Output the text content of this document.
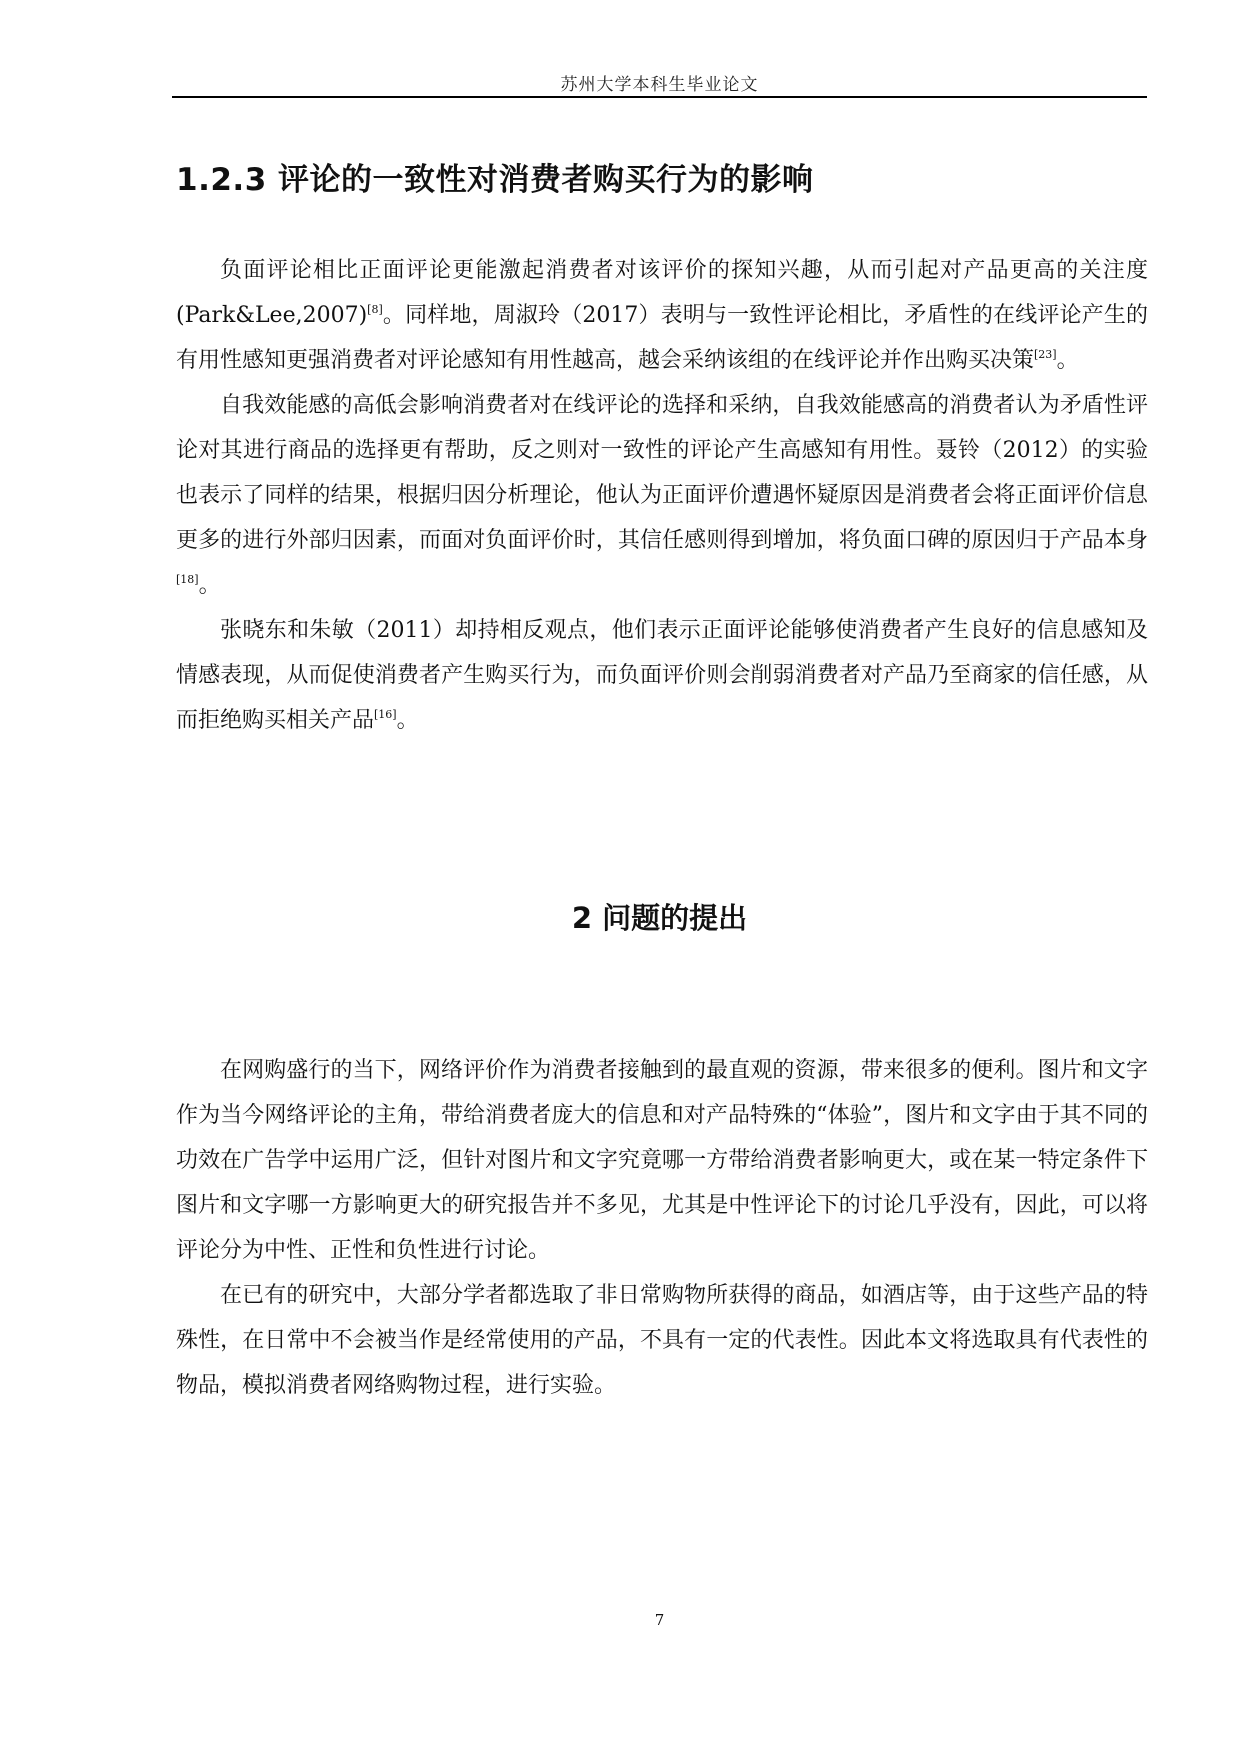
苏州大学本科生毕业论文
1.2.3 评论的一致性对消费者购买行为的影响

负面评论相比正面评论更能激起消费者对该评价的探知兴趣，从而引起对产品更高的关注度 (Park&Lee,2007)[8]。同样地，周淑玲（2017）表明与一致性评论相比，矛盾性的在线评论产生的有用性感知更强消费者对评论感知有用性越高，越会采纳该组的在线评论并作出购买决策[23]。

自我效能感的高低会影响消费者对在线评论的选择和采纳，自我效能感高的消费者认为矛盾性评论对其进行商品的选择更有帮助，反之则对一致性的评论产生高感知有用性。聂铃（2012）的实验也表示了同样的结果，根据归因分析理论，他认为正面评价遭遇怀疑原因是消费者会将正面评价信息更多的进行外部归因素，而面对负面评价时，其信任感则得到增加，将负面口碑的原因归于产品本身[18]。

张晓东和朱敏（2011）却持相反观点，他们表示正面评论能够使消费者产生良好的信息感知及情感表现，从而促使消费者产生购买行为，而负面评价则会削弱消费者对产品乃至商家的信任感，从而拒绝购买相关产品[16]。

2 问题的提出

在网购盛行的当下，网络评价作为消费者接触到的最直观的资源，带来很多的便利。图片和文字作为当今网络评论的主角，带给消费者庞大的信息和对产品特殊的“体验”，图片和文字由于其不同的功效在广告学中运用广泛，但针对图片和文字究竟哪一方带给消费者影响更大，或在某一特定条件下图片和文字哪一方影响更大的研究报告并不多见，尤其是中性评论下的讨论几乎没有，因此，可以将评论分为中性、正性和负性进行讨论。

在已有的研究中，大部分学者都选取了非日常购物所获得的商品，如酒店等，由于这些产品的特殊性，在日常中不会被当作是经常使用的产品，不具有一定的代表性。因此本文将选取具有代表性的物品，模拟消费者网络购物过程，进行实验。

7
